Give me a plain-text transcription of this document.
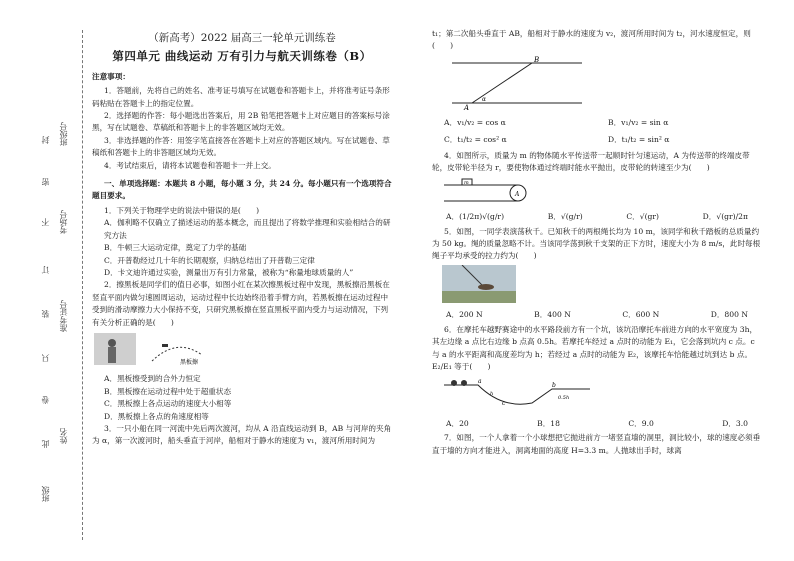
封 班级号
密
不 考场号
订
准考证号
装
只
卷
此 姓名
班级

（新高考）2022 届高三一轮单元训练卷

第四单元 曲线运动 万有引力与航天训练卷（B）

注意事项：

1．答题前，先将自己的姓名、准考证号填写在试题卷和答题卡上，并将准考证号条形码粘贴在答题卡上的指定位置。

2．选择题的作答：每小题选出答案后，用 2B 铅笔把答题卡上对应题目的答案标号涂黑，写在试题卷、草稿纸和答题卡上的非答题区域均无效。

3．非选择题的作答：用签字笔直接答在答题卡上对应的答题区域内。写在试题卷、草稿纸和答题卡上的非答题区域均无效。

4．考试结束后，请将本试题卷和答题卡一并上交。

一、单项选择题：本题共 8 小题，每小题 3 分，共 24 分。每小题只有一个选项符合题目要求。

1．下列关于物理学史的说法中错误的是(　　)

A．伽利略不仅确立了描述运动的基本概念，而且提出了将数学推理和实验相结合的研究方法

B．牛顿三大运动定律，奠定了力学的基础

C．开普勒经过几十年的长期观察，归纳总结出了开普勒三定律

D．卡文迪许通过实验，测量出万有引力常量，被称为“称量地球质量的人”

2．擦黑板是同学们的值日必事，如图小红在某次擦黑板过程中发现，黑板擦沿黑板在竖直平面内做匀速圆周运动，运动过程中长边始终沿着手臂方向，若黑板擦在运动过程中受到的滑动摩擦力大小保持不变，只研究黑板擦在竖直黑板平面内受力与运动情况，下列有关分析正确的是(　　)

黑板擦

A．黑板擦受到的合外力恒定

B．黑板擦在运动过程中处于超重状态

C．黑板擦上各点运动的速度大小相等

D．黑板擦上各点的角速度相等

3．一只小船在同一河流中先后两次渡河，均从 A 沿直线运动到 B，AB 与河岸的夹角为 α，第一次渡河时，船头垂直于河岸，船相对于静水的速度为 v₁，渡河所用时间为

t₁；第二次船头垂直于 AB，船相对于静水的速度为 v₂，渡河所用时间为 t₂，河水速度恒定，则(　　)

A
B
α
A．v₁/v₂ = cos α	B．v₁/v₂ = sin α
C．t₁/t₂ = cos² α	D．t₁/t₂ = sin² α

4．如图所示，质量为 m 的物体随水平传送带一起顺时针匀速运动，A 为传送带的终端皮带轮，皮带轮半径为 r，要使物体通过终端时能水平抛出，皮带轮的转速至少为(　　)

m
A
A．(1/2π)√(g/r)	B．√(g/r)	C．√(gr)	D．√(gr)/2π

5．如图，一同学表演荡秋千。已知秋千的两根绳长均为 10 m，该同学和秋千踏板的总质量约为 50 kg。绳的质量忽略不计。当该同学荡到秋千支架的正下方时，速度大小为 8 m/s，此时每根绳子平均承受的拉力约为(　　)

A．200 N	B．400 N	C．600 N	D．800 N

6．在摩托车越野赛途中的水平路段前方有一个坑，该坑沿摩托车前进方向的水平宽度为 3h，其左边缘 a 点比右边缘 b 点高 0.5h。若摩托车经过 a 点时的动能为 E₁，它会落到坑内 c 点。c 与 a 的水平距离和高度差均为 h；若经过 a 点时的动能为 E₂，该摩托车恰能越过坑到达 b 点。E₂/E₁ 等于(　　)

a
b
c
h
0.5h
A．20	B．18	C．9.0	D．3.0

7．如图，一个人拿着一个小球想把它抛进前方一堵竖直墙的洞里，洞比较小，球的速度必须垂直于墙的方向才能进入，洞离地面的高度 H=3.3 m。人抛球出手时，球离
